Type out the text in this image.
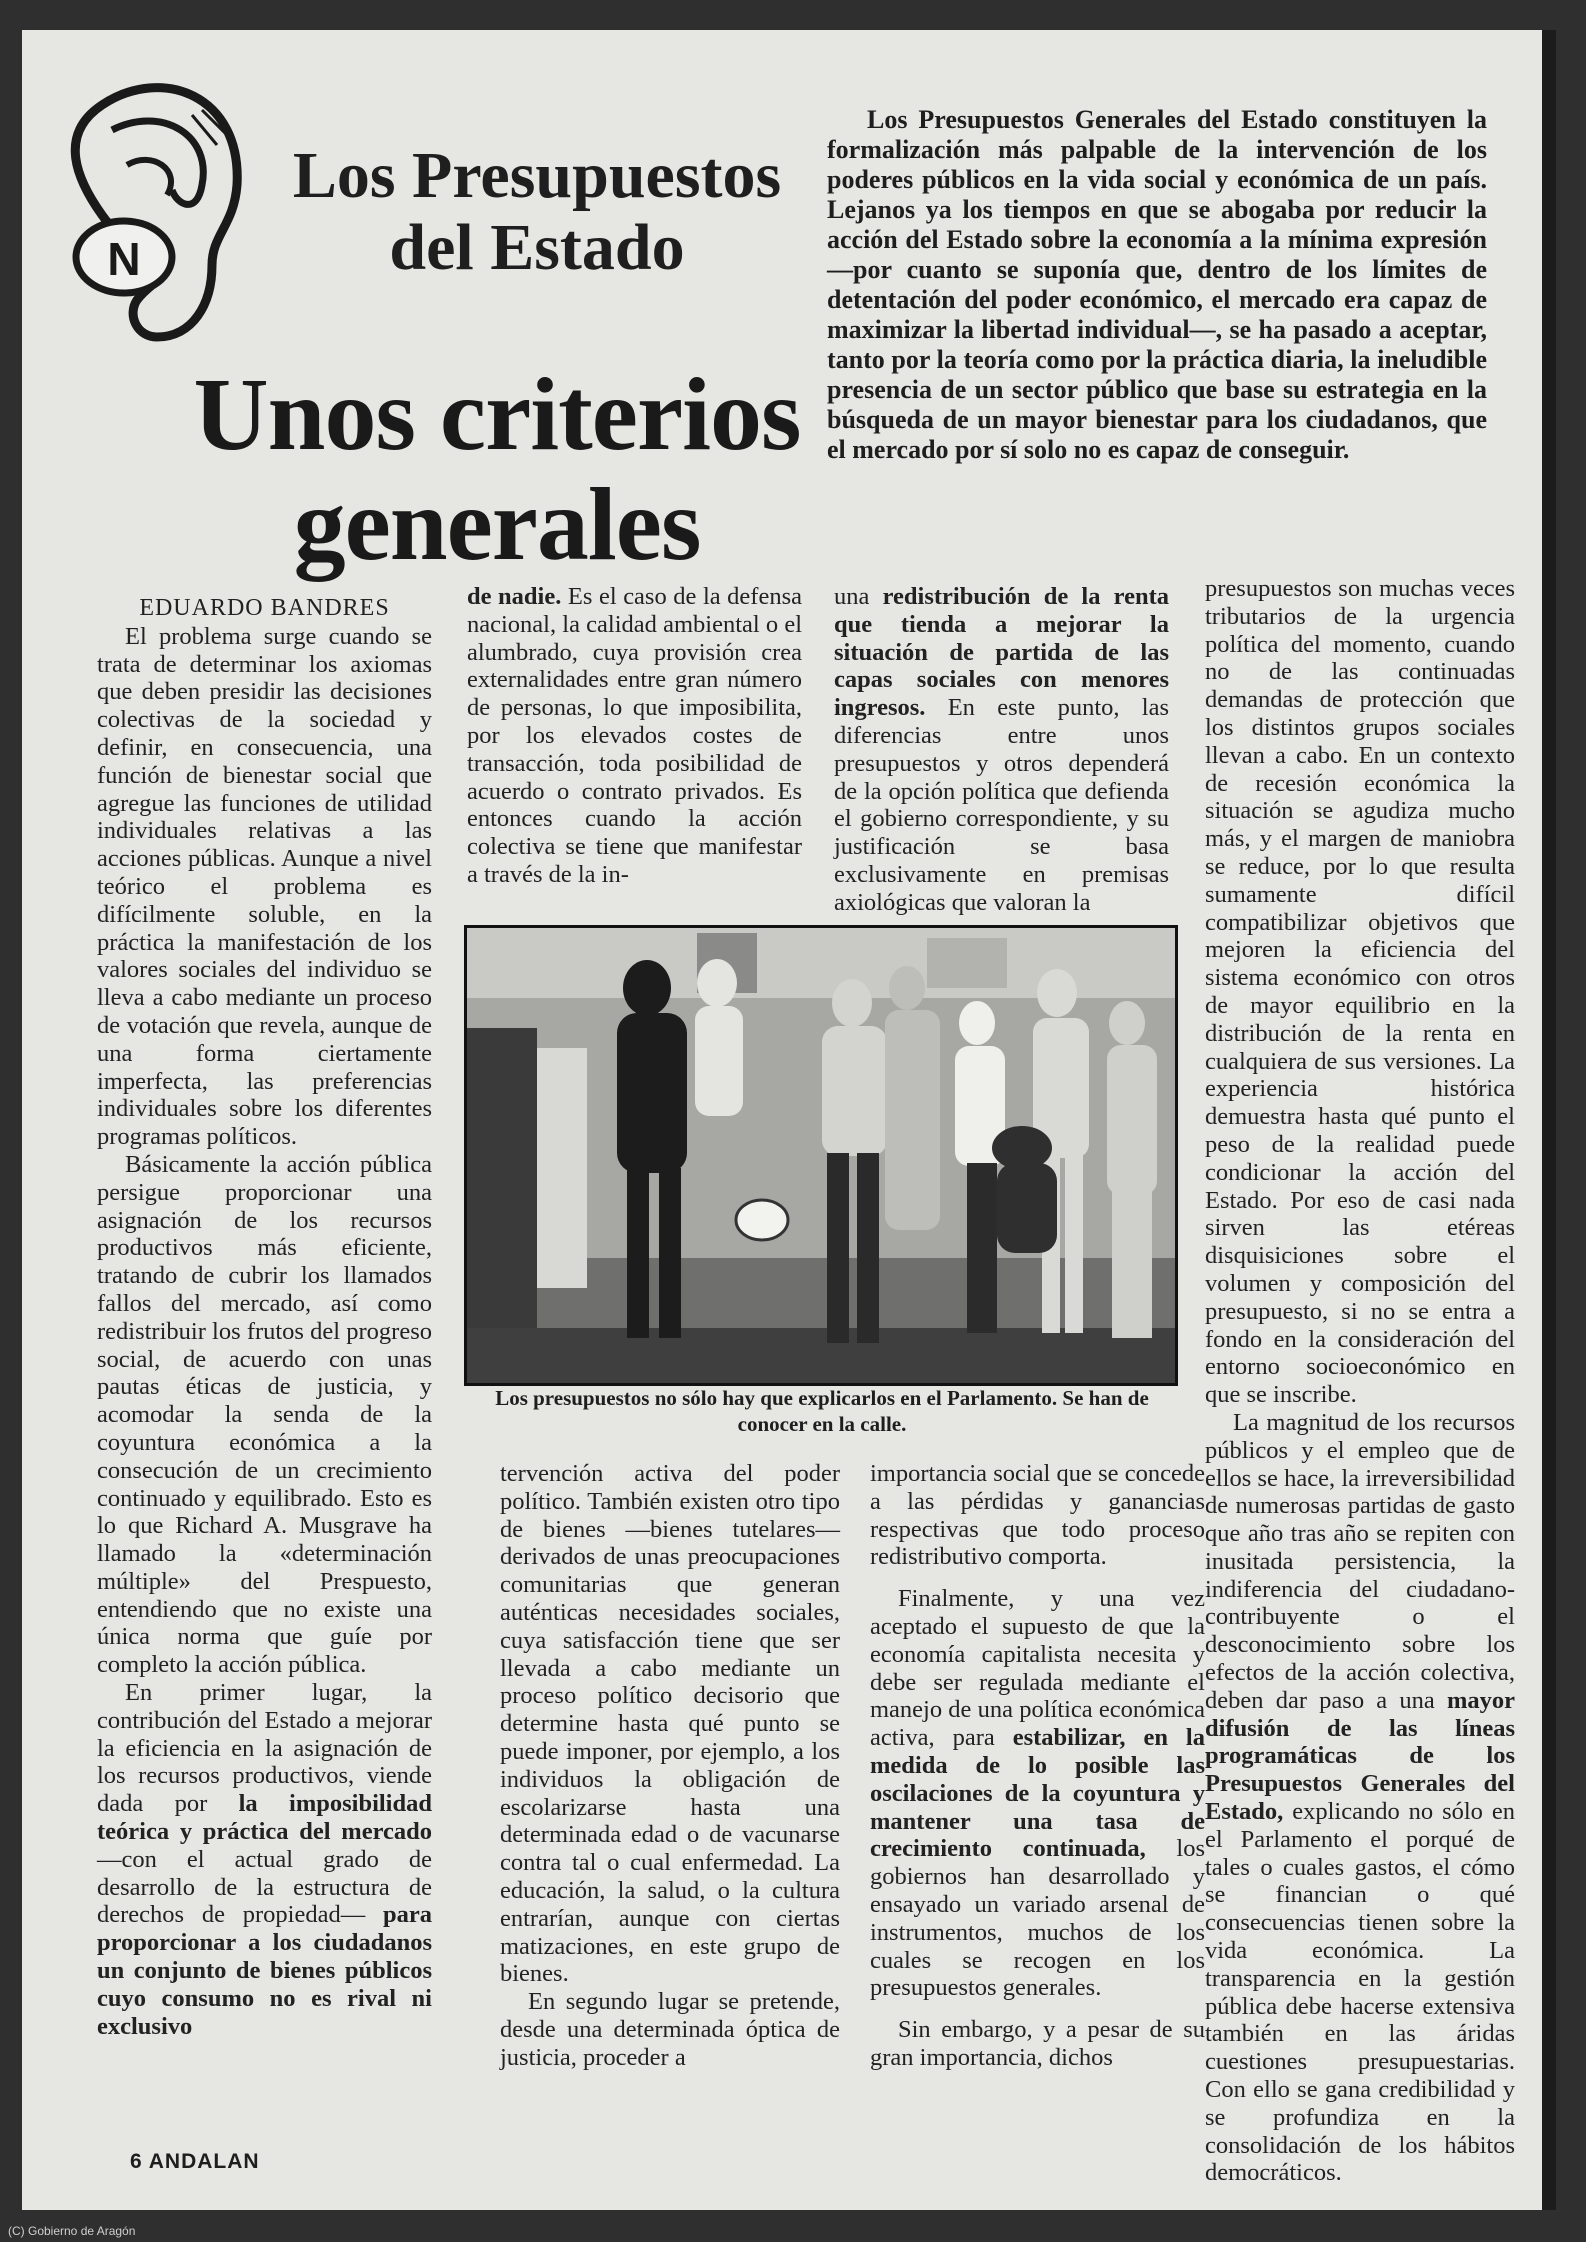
N
Los Presupuestos
del Estado
Unos criterios
generales

Los Presupuestos Generales del Estado constituyen la formalización más palpable de la intervención de los poderes públicos en la vida social y económica de un país. Lejanos ya los tiempos en que se abogaba por reducir la acción del Estado sobre la economía a la mínima expresión —por cuanto se suponía que, dentro de los límites de detentación del poder económico, el mercado era capaz de maximizar la libertad individual—, se ha pasado a aceptar, tanto por la teoría como por la práctica diaria, la ineludible presencia de un sector público que base su estrategia en la búsqueda de un mayor bienestar para los ciudadanos, que el mercado por sí solo no es capaz de conseguir.

EDUARDO BANDRES

El problema surge cuando se trata de determinar los axiomas que deben presidir las decisiones colectivas de la sociedad y definir, en consecuencia, una función de bienestar social que agregue las funciones de utilidad individuales relativas a las acciones públicas. Aunque a nivel teórico el problema es difícilmente soluble, en la práctica la manifestación de los valores sociales del individuo se lleva a cabo mediante un proceso de votación que revela, aunque de una forma ciertamente imperfecta, las preferencias individuales sobre los diferentes programas políticos.

Básicamente la acción pública persigue proporcionar una asignación de los recursos productivos más eficiente, tratando de cubrir los llamados fallos del mercado, así como redistribuir los frutos del progreso social, de acuerdo con unas pautas éticas de justicia, y acomodar la senda de la coyuntura económica a la consecución de un crecimiento continuado y equilibrado. Esto es lo que Richard A. Musgrave ha llamado la «determinación múltiple» del Prespuesto, entendiendo que no existe una única norma que guíe por completo la acción pública.

En primer lugar, la contribución del Estado a mejorar la eficiencia en la asignación de los recursos productivos, viende dada por la imposibilidad teórica y práctica del mercado —con el actual grado de desarrollo de la estructura de derechos de propiedad— para proporcionar a los ciudadanos un conjunto de bienes públicos cuyo consumo no es rival ni exclusivo

de nadie. Es el caso de la defensa nacional, la calidad ambiental o el alumbrado, cuya provisión crea externalidades entre gran número de personas, lo que imposibilita, por los elevados costes de transacción, toda posibilidad de acuerdo o contrato privados. Es entonces cuando la acción colectiva se tiene que manifestar a través de la in-

una redistribución de la renta que tienda a mejorar la situación de partida de las capas sociales con menores ingresos. En este punto, las diferencias entre unos presupuestos y otros dependerá de la opción política que defienda el gobierno correspondiente, y su justificación se basa exclusivamente en premisas axiológicas que valoran la

presupuestos son muchas veces tributarios de la urgencia política del momento, cuando no de las continuadas demandas de protección que los distintos grupos sociales llevan a cabo. En un contexto de recesión económica la situación se agudiza mucho más, y el margen de maniobra se reduce, por lo que resulta sumamente difícil compatibilizar objetivos que mejoren la eficiencia del sistema económico con otros de mayor equilibrio en la distribución de la renta en cualquiera de sus versiones. La experiencia histórica demuestra hasta qué punto el peso de la realidad puede condicionar la acción del Estado. Por eso de casi nada sirven las etéreas disquisiciones sobre el volumen y composición del presupuesto, si no se entra a fondo en la consideración del entorno socioeconómico en que se inscribe.

La magnitud de los recursos públicos y el empleo que de ellos se hace, la irreversibilidad de numerosas partidas de gasto que año tras año se repiten con inusitada persistencia, la indiferencia del ciudadano-contribuyente o el desconocimiento sobre los efectos de la acción colectiva, deben dar paso a una mayor difusión de las líneas programáticas de los Presupuestos Generales del Estado, explicando no sólo en el Parlamento el porqué de tales o cuales gastos, el cómo se financian o qué consecuencias tienen sobre la vida económica. La transparencia en la gestión pública debe hacerse extensiva también en las áridas cuestiones presupuestarias. Con ello se gana credibilidad y se profundiza en la consolidación de los hábitos democráticos.

Los presupuestos no sólo hay que explicarlos en el Parlamento. Se han de conocer en la calle.

tervención activa del poder político. También existen otro tipo de bienes —bienes tutelares— derivados de unas preocupaciones comunitarias que generan auténticas necesidades sociales, cuya satisfacción tiene que ser llevada a cabo mediante un proceso político decisorio que determine hasta qué punto se puede imponer, por ejemplo, a los individuos la obligación de escolarizarse hasta una determinada edad o de vacunarse contra tal o cual enfermedad. La educación, la salud, o la cultura entrarían, aunque con ciertas matizaciones, en este grupo de bienes.

En segundo lugar se pretende, desde una determinada óptica de justicia, proceder a

importancia social que se concede a las pérdidas y ganancias respectivas que todo proceso redistributivo comporta.

Finalmente, y una vez aceptado el supuesto de que la economía capitalista necesita y debe ser regulada mediante el manejo de una política económica activa, para estabilizar, en la medida de lo posible las oscilaciones de la coyuntura y mantener una tasa de crecimiento continuada, los gobiernos han desarrollado y ensayado un variado arsenal de instrumentos, muchos de los cuales se recogen en los presupuestos generales.

Sin embargo, y a pesar de su gran importancia, dichos

6 ANDALAN
(C) Gobierno de Aragón
